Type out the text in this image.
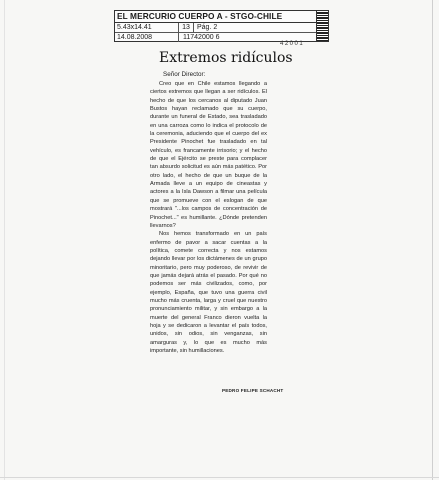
EL MERCURIO CUERPO A - STGO-CHILE
5.43x14.41	13	Pág. 2
14.08.2008	11742000 6
42001
Extremos ridículos
Señor Director:

Creo que en Chile estamos llegando a ciertos extremos que llegan a ser ridículos. El hecho de que los cercanos al diputado Juan Bustos hayan reclamado que su cuerpo, durante un funeral de Estado, sea trasladado en una carroza como lo indica el protocolo de la ceremonia, aduciendo que el cuerpo del ex Presidente Pinochet fue trasladado en tal vehículo, es francamente irrisorio; y el hecho de que el Ejército se preste para complacer tan absurdo solicitud es aún más patético. Por otro lado, el hecho de que un buque de la Armada lleve a un equipo de cineastas y actores a la Isla Dawson a filmar una película que se promueve con el eslogan de que mostrará "...los campos de concentración de Pinochet..." es humillante. ¿Dónde pretenden llevarnos?

Nos hemos transformado en un país enfermo de pavor a sacar cuentas a la política, comete correcta y nos estamos dejando llevar por los dictámenes de un grupo minoritario, pero muy poderoso, de revivir de que jamás dejará atrás el pasado. Por qué no podemos ser más civilizados, como, por ejemplo, España, que tuvo una guerra civil mucho más cruenta, larga y cruel que nuestro pronunciamiento militar, y sin embargo a la muerte del general Franco dieron vuelta la hoja y se dedicaron a levantar el país todos, unidos, sin odios, sin venganzas, sin amarguras y, lo que es mucho más importante, sin humillaciones.

PEDRO FELIPE SCHACHT
